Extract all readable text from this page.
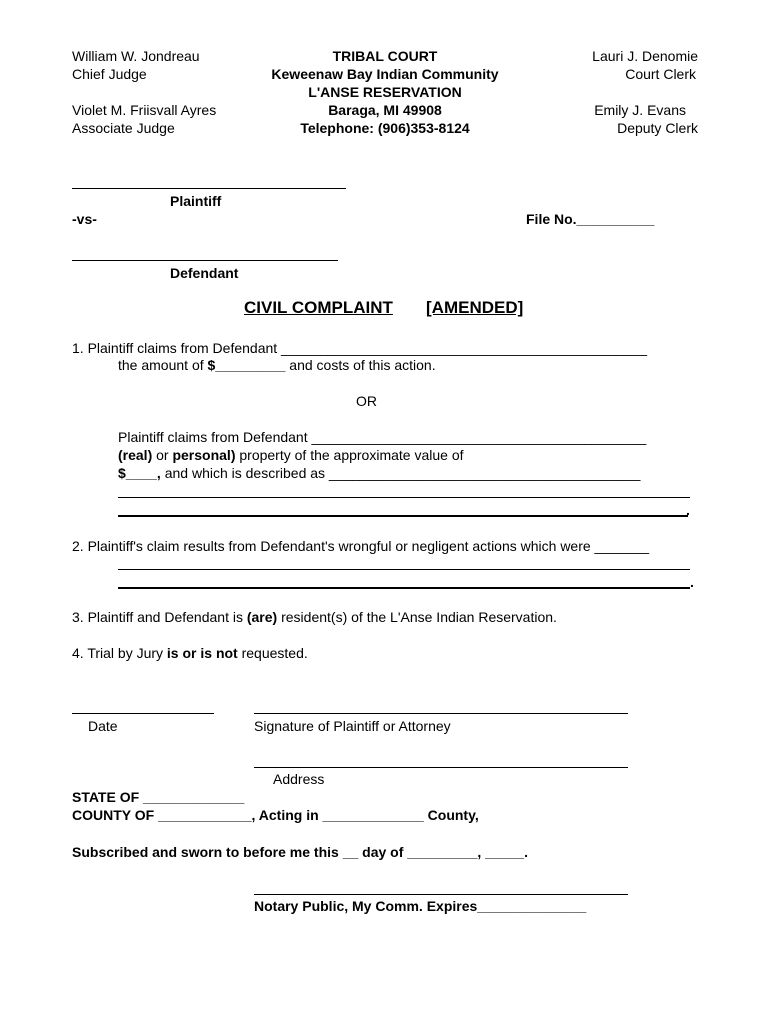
William W. Jondreau
Chief Judge
Violet M. Friisvall Ayres
Associate Judge
TRIBAL COURT
Keweenaw Bay Indian Community
L'ANSE RESERVATION
Baraga, MI 49908
Telephone: (906)353-8124
Lauri J. Denomie
Court Clerk
Emily J. Evans
Deputy Clerk
Plaintiff
-vs-	File No.__________
Defendant
CIVIL COMPLAINT [AMENDED]
1. Plaintiff claims from Defendant _______________________________________________
the amount of $_________ and costs of this action.
OR
Plaintiff claims from Defendant ___________________________________________
(real) or personal) property of the approximate value of
$____, and which is described as ________________________________________
.
2. Plaintiff's claim results from Defendant's wrongful or negligent actions which were _______
.
3. Plaintiff and Defendant is (are) resident(s) of the L'Anse Indian Reservation.
4. Trial by Jury is or is not requested.
Date	Signature of Plaintiff or Attorney
Address
STATE OF _____________
COUNTY OF ____________, Acting in _____________ County,
Subscribed and sworn to before me this __ day of _________, _____.
Notary Public, My Comm. Expires______________
